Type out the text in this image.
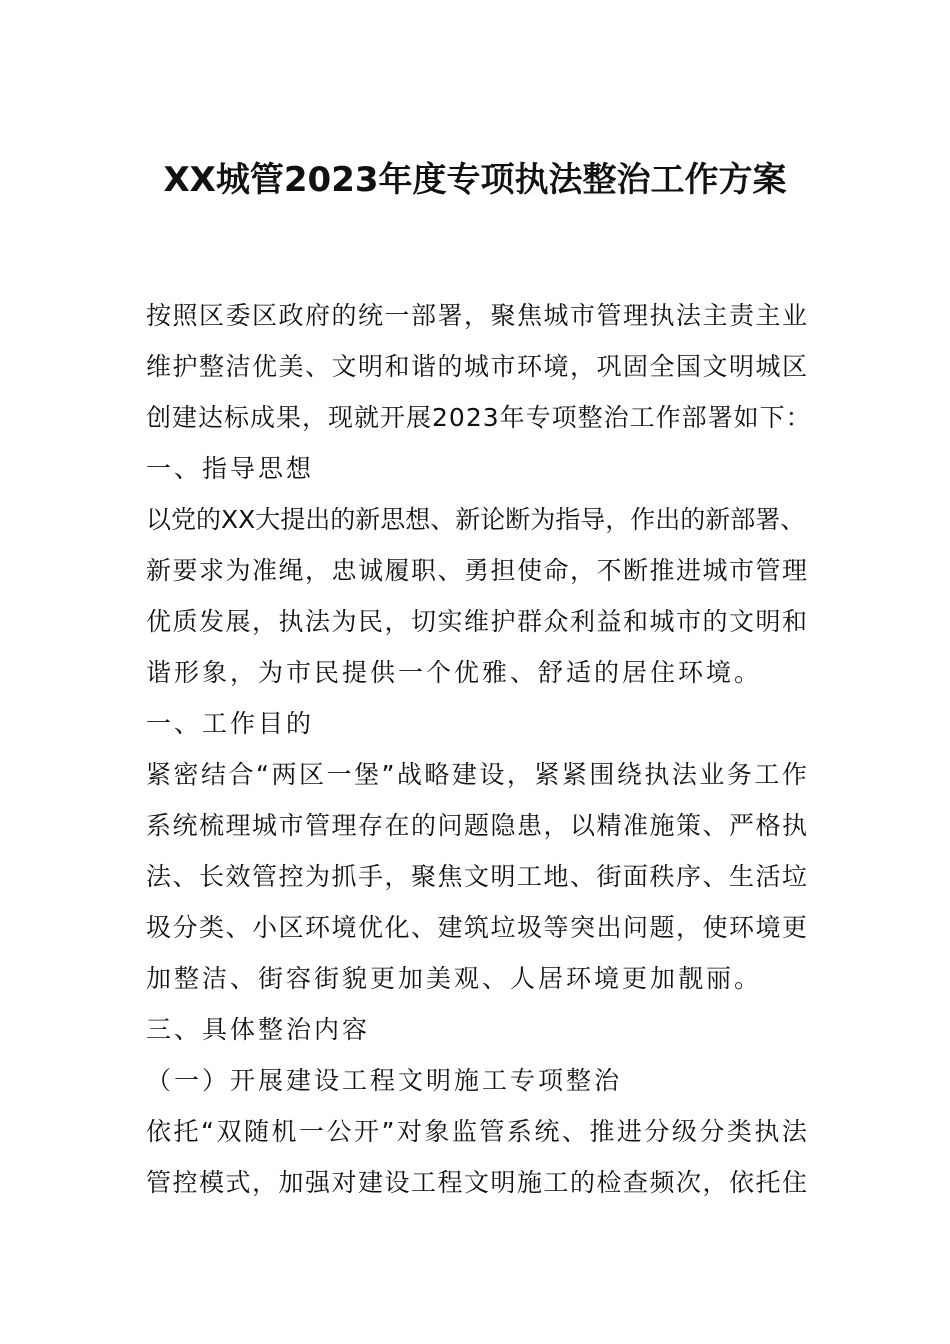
XX城管2023年度专项执法整治工作方案
按照区委区政府的统一部署，聚焦城市管理执法主责主业
维护整洁优美、文明和谐的城市环境，巩固全国文明城区
创建达标成果，现就开展2023年专项整治工作部署如下：
一、指导思想
以党的XX大提出的新思想、新论断为指导，作出的新部署、
新要求为准绳，忠诚履职、勇担使命，不断推进城市管理
优质发展，执法为民，切实维护群众利益和城市的文明和
谐形象，为市民提供一个优雅、舒适的居住环境。
一、工作目的
紧密结合“两区一堡”战略建设，紧紧围绕执法业务工作
系统梳理城市管理存在的问题隐患，以精准施策、严格执
法、长效管控为抓手，聚焦文明工地、街面秩序、生活垃
圾分类、小区环境优化、建筑垃圾等突出问题，使环境更
加整洁、街容街貌更加美观、人居环境更加靓丽。
三、具体整治内容
（一）开展建设工程文明施工专项整治
依托“双随机一公开”对象监管系统、推进分级分类执法
管控模式，加强对建设工程文明施工的检查频次，依托住
